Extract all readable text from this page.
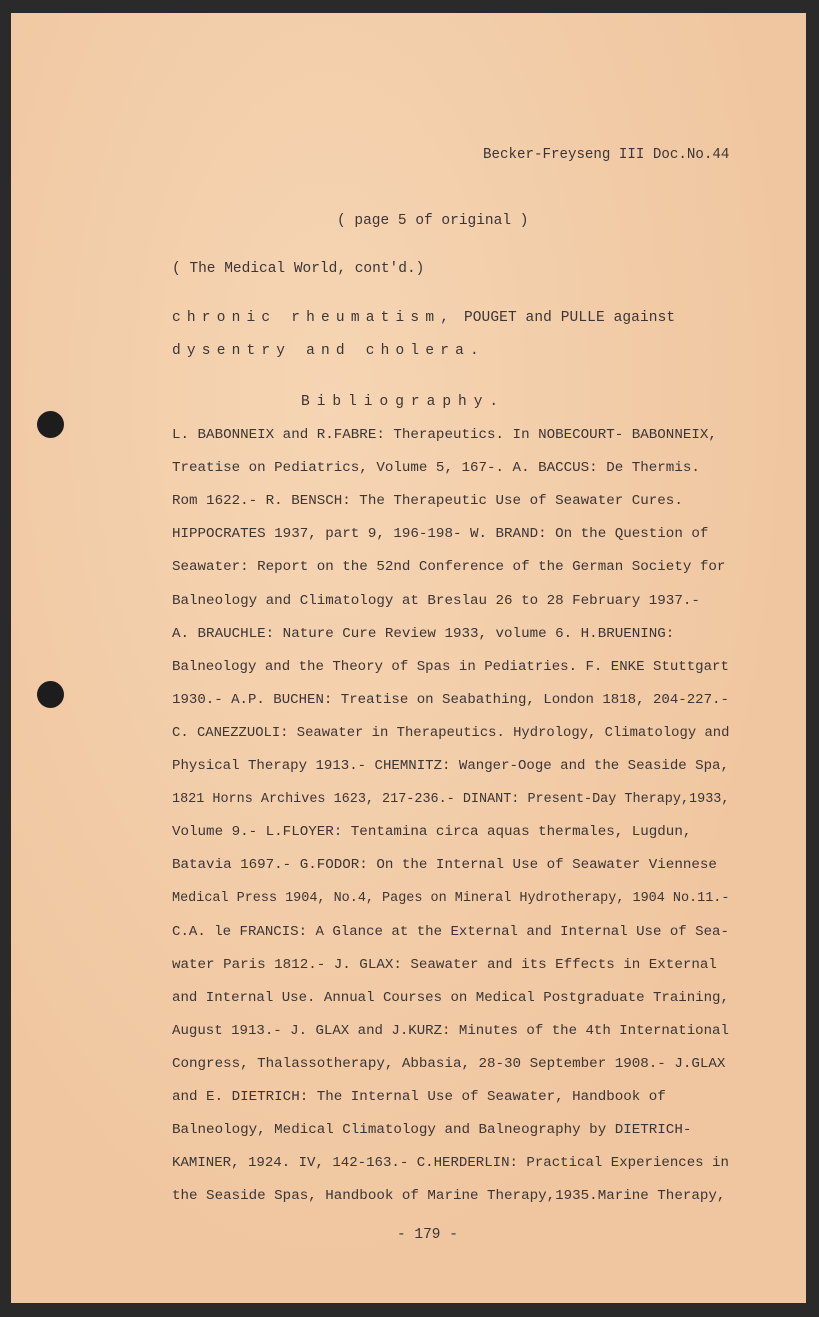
Becker-Freyseng III Doc.No.44
( page 5 of original )
( The Medical World, cont'd.)
chronic rheumatism, POUGET and PULLE against
dysentry and cholera.
Bibliography.
L. BABONNEIX and R.FABRE: Therapeutics. In NOBECOURT- BABONNEIX,
Treatise on Pediatrics, Volume 5, 167-. A. BACCUS: De Thermis.
Rom 1622.- R. BENSCH: The Therapeutic Use of Seawater Cures.
HIPPOCRATES 1937, part 9, 196-198- W. BRAND: On the Question of
Seawater: Report on the 52nd Conference of the German Society for
Balneology and Climatology at Breslau 26 to 28 February 1937.-
A. BRAUCHLE: Nature Cure Review 1933, volume 6. H.BRUENING:
Balneology and the Theory of Spas in Pediatries. F. ENKE Stuttgart
1930.- A.P. BUCHEN: Treatise on Seabathing, London 1818, 204-227.-
C. CANEZZUOLI: Seawater in Therapeutics. Hydrology, Climatology and
Physical Therapy 1913.- CHEMNITZ: Wanger-Ooge and the Seaside Spa,
1821 Horns Archives 1623, 217-236.- DINANT: Present-Day Therapy,1933,
Volume 9.- L.FLOYER: Tentamina circa aquas thermales, Lugdun,
Batavia 1697.- G.FODOR: On the Internal Use of Seawater Viennese
Medical Press 1904, No.4, Pages on Mineral Hydrotherapy, 1904 No.11.-
C.A. le FRANCIS: A Glance at the External and Internal Use of Sea-
water Paris 1812.- J. GLAX: Seawater and its Effects in External
and Internal Use. Annual Courses on Medical Postgraduate Training,
August 1913.- J. GLAX and J.KURZ: Minutes of the 4th International
Congress, Thalassotherapy, Abbasia, 28-30 September 1908.- J.GLAX
and E. DIETRICH: The Internal Use of Seawater, Handbook of
Balneology, Medical Climatology and Balneography by DIETRICH-
KAMINER, 1924. IV, 142-163.- C.HERDERLIN: Practical Experiences in
the Seaside Spas, Handbook of Marine Therapy,1935.Marine Therapy,
- 179 -
